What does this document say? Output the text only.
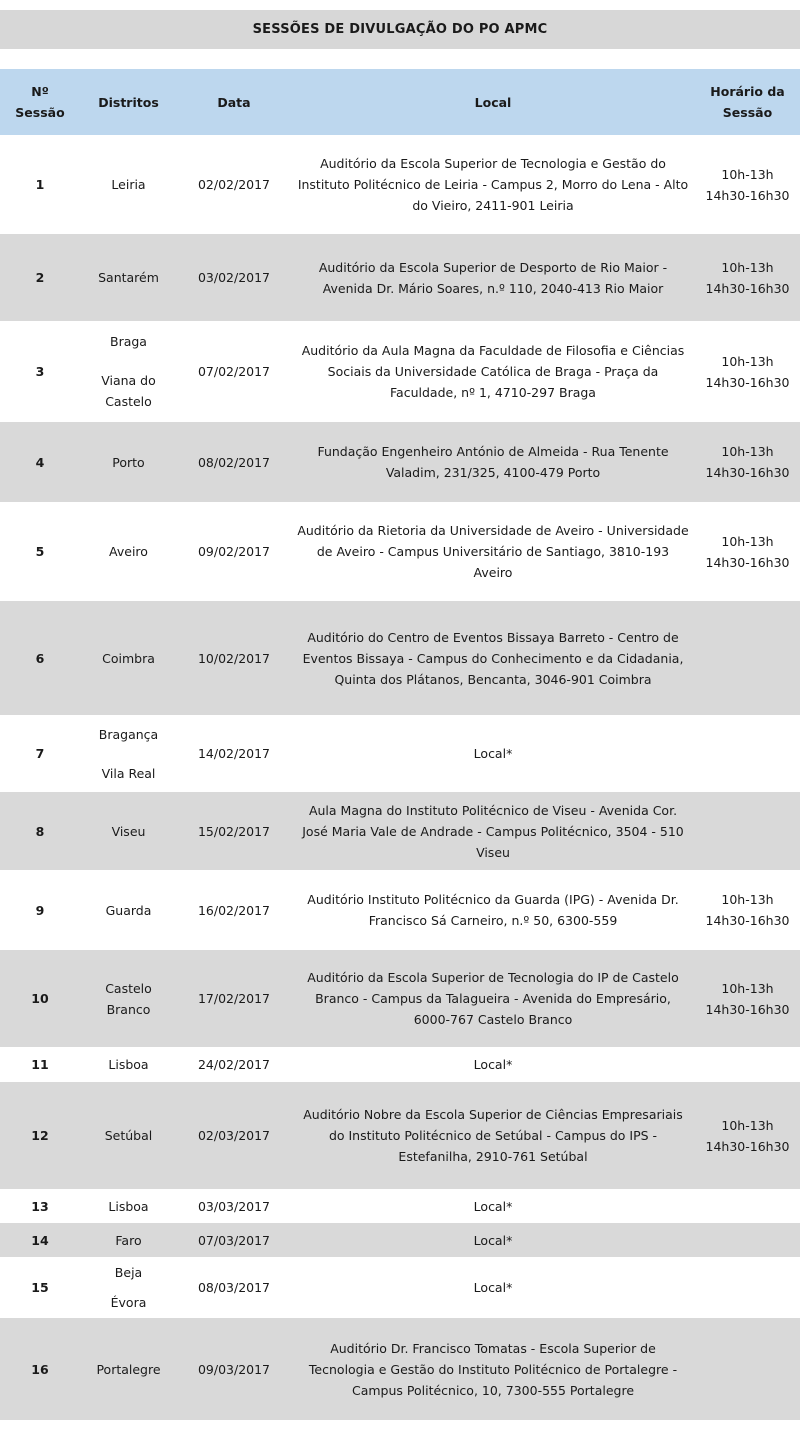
SESSÕES DE DIVULGAÇÃO DO PO APMC
Nº Sessão	Distritos	Data	Local	Horário da Sessão
1	Leiria	02/02/2017	Auditório da Escola Superior de Tecnologia e Gestão do Instituto Politécnico de Leiria - Campus 2, Morro do Lena - Alto do Vieiro, 2411-901 Leiria	10h-13h
14h30-16h30

2	Santarém	03/02/2017	Auditório da Escola Superior de Desporto de Rio Maior - Avenida Dr. Mário Soares, n.º 110, 2040-413 Rio Maior	10h-13h
14h30-16h30

3	Braga
Viana do Castelo	07/02/2017	Auditório da Aula Magna da Faculdade de Filosofia e Ciências Sociais da Universidade Católica de Braga - Praça da Faculdade, nº 1, 4710-297 Braga	10h-13h
14h30-16h30

4	Porto	08/02/2017	Fundação Engenheiro António de Almeida - Rua Tenente Valadim, 231/325, 4100-479 Porto	10h-13h
14h30-16h30

5	Aveiro	09/02/2017	Auditório da Rietoria da Universidade de Aveiro - Universidade de Aveiro - Campus Universitário de Santiago, 3810-193 Aveiro	10h-13h
14h30-16h30

6	Coimbra	10/02/2017	Auditório do Centro de Eventos Bissaya Barreto - Centro de Eventos Bissaya - Campus do Conhecimento e da Cidadania, Quinta dos Plátanos, Bencanta, 3046-901 Coimbra	
7	Bragança
Vila Real	14/02/2017	Local*	
8	Viseu	15/02/2017	Aula Magna do Instituto Politécnico de Viseu - Avenida Cor. José Maria Vale de Andrade - Campus Politécnico, 3504 - 510 Viseu	
9	Guarda	16/02/2017	Auditório Instituto Politécnico da Guarda (IPG) - Avenida Dr. Francisco Sá Carneiro, n.º 50, 6300-559	10h-13h
14h30-16h30

10	Castelo Branco	17/02/2017	Auditório da Escola Superior de Tecnologia do IP de Castelo Branco - Campus da Talagueira - Avenida do Empresário, 6000-767 Castelo Branco	10h-13h
14h30-16h30

11	Lisboa	24/02/2017	Local*	
12	Setúbal	02/03/2017	Auditório Nobre da Escola Superior de Ciências Empresariais do Instituto Politécnico de Setúbal - Campus do IPS - Estefanilha, 2910-761 Setúbal	10h-13h
14h30-16h30

13	Lisboa	03/03/2017	Local*	
14	Faro	07/03/2017	Local*	
15	Beja
Évora	08/03/2017	Local*	
16	Portalegre	09/03/2017	Auditório Dr. Francisco Tomatas - Escola Superior de Tecnologia e Gestão do Instituto Politécnico de Portalegre - Campus Politécnico, 10, 7300-555 Portalegre	
